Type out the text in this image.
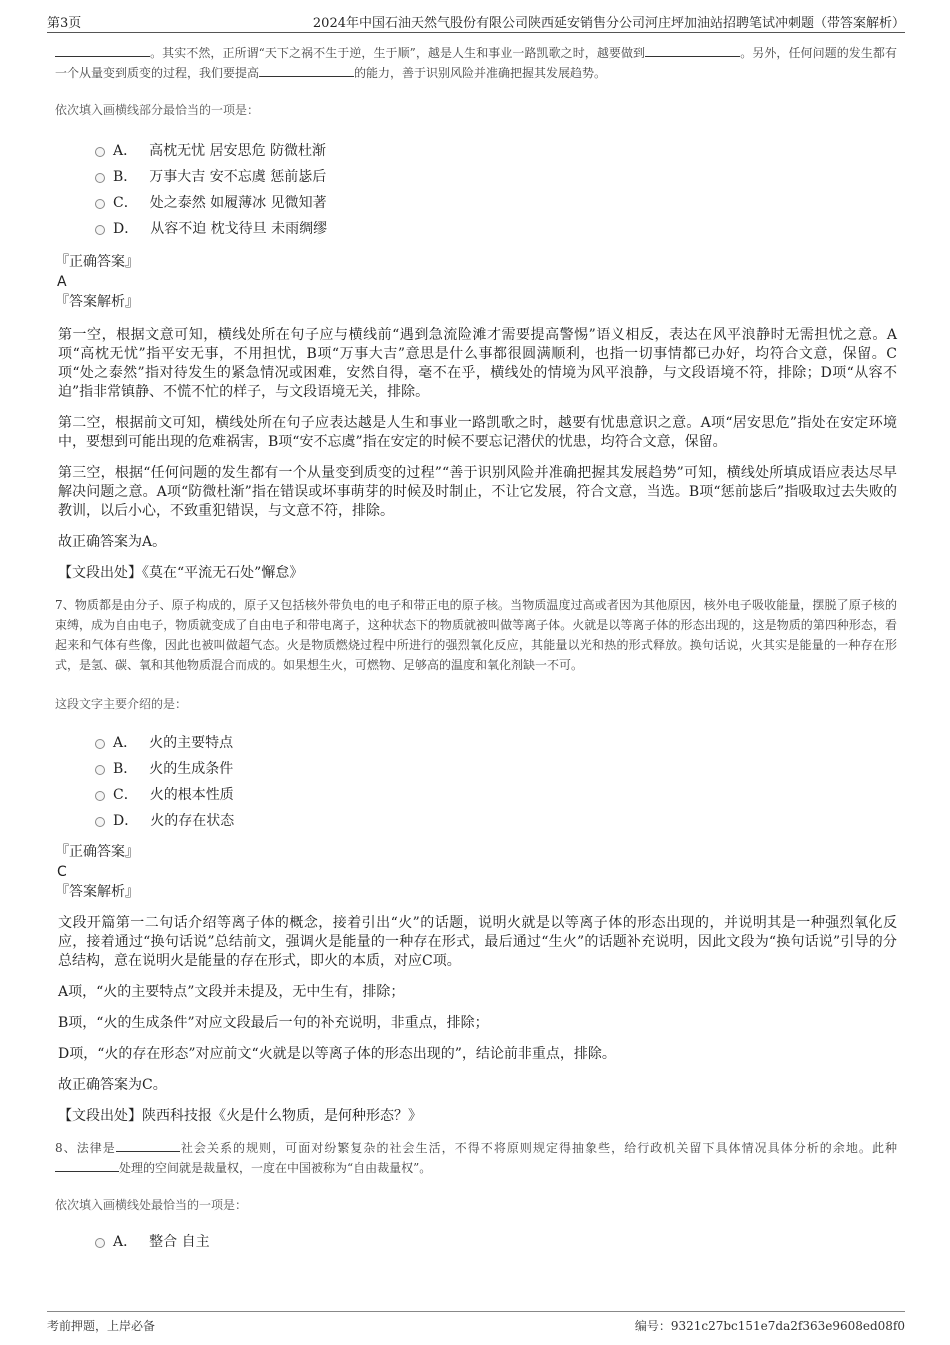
第3页	2024年中国石油天然气股份有限公司陕西延安销售分公司河庄坪加油站招聘笔试冲刺题（带答案解析）

。其实不然，正所谓“天下之祸不生于逆，生于顺”，越是人生和事业一路凯歌之时，越要做到	。另外，任何问题的发生都有一个从量变到质变的过程，我们要提高	的能力，善于识别风险并准确把握其发展趋势。

依次填入画横线部分最恰当的一项是：

A． 高枕无忧 居安思危 防微杜渐
B． 万事大吉 安不忘虞 惩前毖后
C． 处之泰然 如履薄冰 见微知著
D． 从容不迫 枕戈待旦 未雨绸缪

『正确答案』

A

『答案解析』

第一空，根据文意可知，横线处所在句子应与横线前“遇到急流险滩才需要提高警惕”语义相反，表达在风平浪静时无需担忧之意。A项“高枕无忧”指平安无事，不用担忧，B项“万事大吉”意思是什么事都很圆满顺利，也指一切事情都已办好，均符合文意，保留。C项“处之泰然”指对待发生的紧急情况或困难，安然自得，毫不在乎，横线处的情境为风平浪静，与文段语境不符，排除；D项“从容不迫”指非常镇静、不慌不忙的样子，与文段语境无关，排除。

第二空，根据前文可知，横线处所在句子应表达越是人生和事业一路凯歌之时，越要有忧患意识之意。A项“居安思危”指处在安定环境中，要想到可能出现的危难祸害，B项“安不忘虞”指在安定的时候不要忘记潜伏的忧患，均符合文意，保留。

第三空，根据“任何问题的发生都有一个从量变到质变的过程”“善于识别风险并准确把握其发展趋势”可知，横线处所填成语应表达尽早解决问题之意。A项“防微杜渐”指在错误或坏事萌芽的时候及时制止，不让它发展，符合文意，当选。B项“惩前毖后”指吸取过去失败的教训，以后小心，不致重犯错误，与文意不符，排除。

故正确答案为A。

【文段出处】《莫在“平流无石处”懈怠》

7、物质都是由分子、原子构成的，原子又包括核外带负电的电子和带正电的原子核。当物质温度过高或者因为其他原因，核外电子吸收能量，摆脱了原子核的束缚，成为自由电子，物质就变成了自由电子和带电离子，这种状态下的物质就被叫做等离子体。火就是以等离子体的形态出现的，这是物质的第四种形态，看起来和气体有些像，因此也被叫做超气态。火是物质燃烧过程中所进行的强烈氧化反应，其能量以光和热的形式释放。换句话说，火其实是能量的一种存在形式，是氢、碳、氧和其他物质混合而成的。如果想生火，可燃物、足够高的温度和氧化剂缺一不可。

这段文字主要介绍的是：

A． 火的主要特点
B． 火的生成条件
C． 火的根本性质
D． 火的存在状态

『正确答案』

C

『答案解析』

文段开篇第一二句话介绍等离子体的概念，接着引出“火”的话题，说明火就是以等离子体的形态出现的，并说明其是一种强烈氧化反应，接着通过“换句话说”总结前文，强调火是能量的一种存在形式，最后通过“生火”的话题补充说明，因此文段为“换句话说”引导的分总结构，意在说明火是能量的存在形式，即火的本质，对应C项。

A项，“火的主要特点”文段并未提及，无中生有，排除；

B项，“火的生成条件”对应文段最后一句的补充说明，非重点，排除；

D项，“火的存在形态”对应前文“火就是以等离子体的形态出现的”，结论前非重点，排除。

故正确答案为C。

【文段出处】陕西科技报《火是什么物质，是何种形态？》

8、法律是	社会关系的规则，可面对纷繁复杂的社会生活，不得不将原则规定得抽象些，给行政机关留下具体情况具体分析的余地。此种处理的空间就是裁量权，一度在中国被称为“自由裁量权”。

依次填入画横线处最恰当的一项是：

A． 整合 自主
考前押题，上岸必备	编号：9321c27bc151e7da2f363e9608ed08f0
